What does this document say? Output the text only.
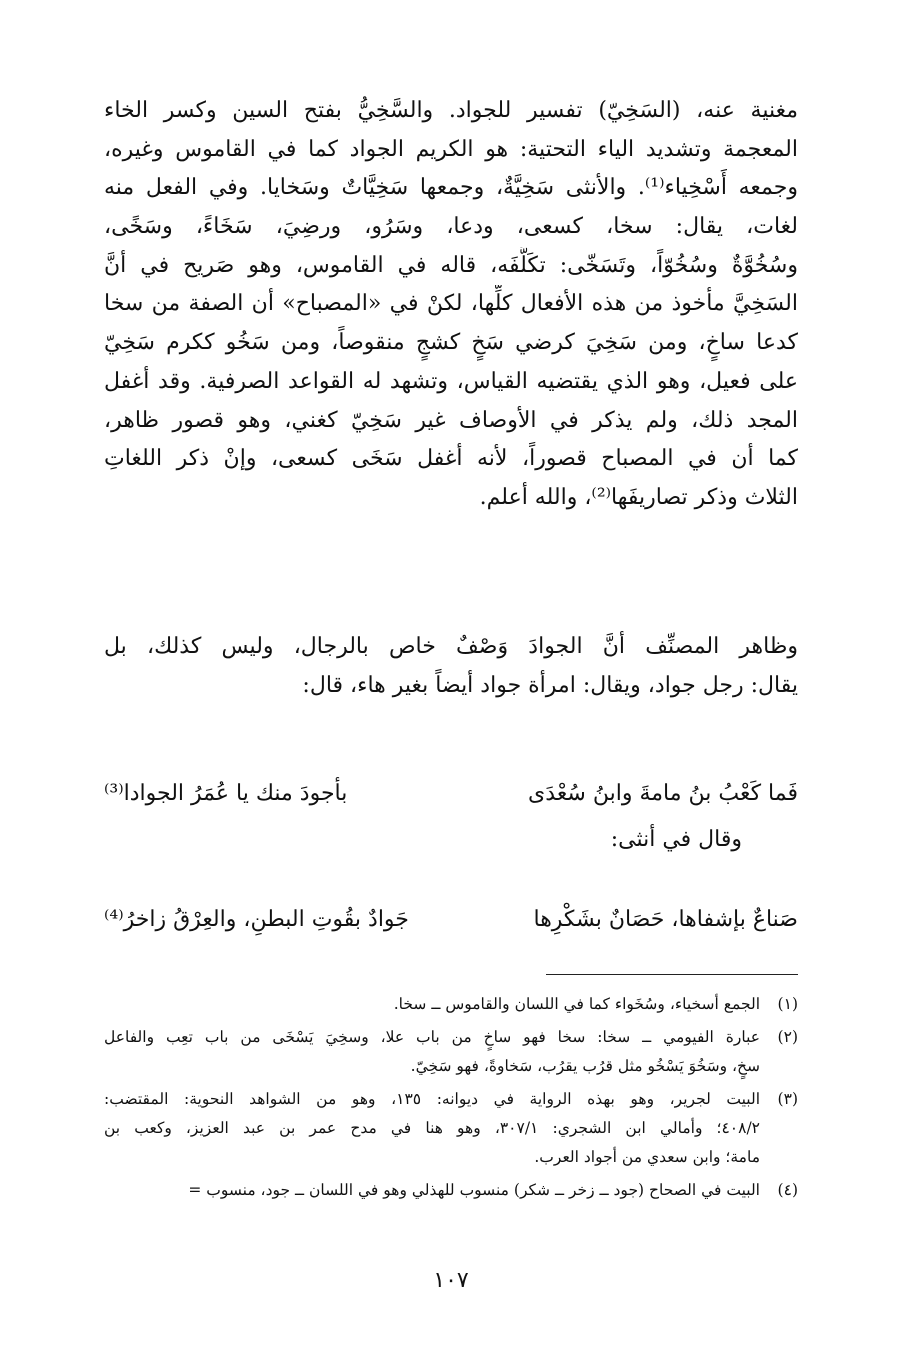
مغنية عنه، (السَخِيّ) تفسير للجواد. والسَّخِيُّ بفتح السين وكسر الخاء
المعجمة وتشديد الياء التحتية: هو الكريم الجواد كما في القاموس وغيره،
وجمعه أَسْخِياء⁽¹⁾. والأنثى سَخِيَّةٌ، وجمعها سَخِيَّاتٌ وسَخايا. وفي الفعل منه
لغات، يقال: سخا، كسعى، ودعا، وسَرُو، ورضِيَ، سَخَاءً، وسَخًى،
وسُخُوَّةٌ وسُخُوّاً، وتَسَخّى: تكَلَّفَه، قاله في القاموس، وهو صَريح في أنَّ
السَخِيَّ مأخوذ من هذه الأفعال كلِّها، لكنْ في «المصباح» أن الصفة من سخا
كدعا ساخٍ، ومن سَخِيَ كرضي سَخٍ كشجٍ منقوصاً، ومن سَخُو ككرم سَخِيّ
على فعيل، وهو الذي يقتضيه القياس، وتشهد له القواعد الصرفية. وقد أغفل
المجد ذلك، ولم يذكر في الأوصاف غير سَخِيّ كغني، وهو قصور ظاهر،
كما أن في المصباح قصوراً، لأنه أغفل سَخَى كسعى، وإنْ ذكر اللغاتِ
الثلاث وذكر تصاريفَها⁽²⁾، والله أعلم.
وظاهر المصنِّف أنَّ الجوادَ وَصْفٌ خاص بالرجال، وليس كذلك، بل
يقال: رجل جواد، ويقال: امرأة جواد أيضاً بغير هاء، قال:
فَما كَعْبُ بنُ مامةَ وابنُ سُعْدَى
بأجودَ منك يا عُمَرُ الجوادا⁽³⁾
وقال في أنثى:
صَناعٌ بإشفاها، حَصَانٌ بشَكْرِها
جَوادٌ بقُوتِ البطنِ، والعِرْقُ زاخرُ⁽⁴⁾
(١)
الجمع أسخياء، وسُخَواء كما في اللسان والقاموس ــ سخا.
(٢)
عبارة الفيومي ــ سخا: سخا فهو ساخٍ من باب علا، وسخِيَ يَسْخَى من باب تعِب والفاعل
سخٍ، وسَخُوَ يَسْخُو مثل قرُب يقرُب، سَخاوةً، فهو سَخِيّ.
(٣)
البيت لجرير، وهو بهذه الرواية في ديوانه: ١٣٥، وهو من الشواهد النحوية: المقتضب:
٤٠٨/٢؛ وأمالي ابن الشجري: ٣٠٧/١، وهو هنا في مدح عمر بن عبد العزيز، وكعب بن
مامة؛ وابن سعدي من أجواد العرب.
(٤)
البيت في الصحاح (جود ــ زخر ــ شكر) منسوب للهذلي وهو في اللسان ــ جود، منسوب =
١٠٧
